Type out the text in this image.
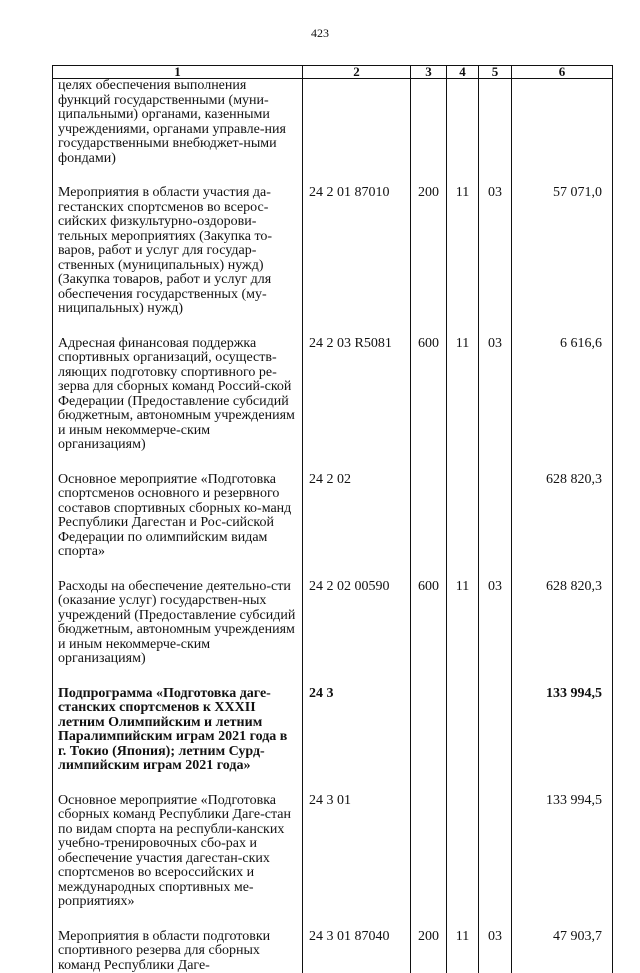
423
1	2	3	4	5	6
целях обеспечения выполнения функций государственными (муни-ципальными) органами, казенными учреждениями, органами управле-ния государственными внебюджет-ными фондами)					

Мероприятия в области участия да-гестанских спортсменов во всерос-сийских физкультурно-оздорови-тельных мероприятиях (Закупка то-варов, работ и услуг для государ-ственных (муниципальных) нужд) (Закупка товаров, работ и услуг для обеспечения государственных (му-ниципальных) нужд)	24 2 01 87010	200	11	03	57 071,0

Адресная финансовая поддержка спортивных организаций, осуществ-ляющих подготовку спортивного ре-зерва для сборных команд Россий-ской Федерации (Предоставление субсидий бюджетным, автономным учреждениям и иным некоммерче-ским организациям)	24 2 03 R5081	600	11	03	6 616,6

Основное мероприятие «Подготовка спортсменов основного и резервного составов спортивных сборных ко-манд Республики Дагестан и Рос-сийской Федерации по олимпийским видам спорта»	24 2 02				628 820,3

Расходы на обеспечение деятельно-сти (оказание услуг) государствен-ных учреждений (Предоставление субсидий бюджетным, автономным учреждениям и иным некоммерче-ским организациям)	24 2 02 00590	600	11	03	628 820,3

Подпрограмма «Подготовка даге-станских спортсменов к XXXII летним Олимпийским и летним Паралимпийским играм 2021 года в г. Токио (Япония); летним Сурд-лимпийским играм 2021 года»	24 3				133 994,5

Основное мероприятие «Подготовка сборных команд Республики Даге-стан по видам спорта на республи-канских учебно-тренировочных сбо-рах и обеспечение участия дагестан-ских спортсменов во всероссийских и международных спортивных ме-роприятиях»	24 3 01				133 994,5

Мероприятия в области подготовки спортивного резерва для сборных команд Республики Даге-	24 3 01 87040	200	11	03	47 903,7
